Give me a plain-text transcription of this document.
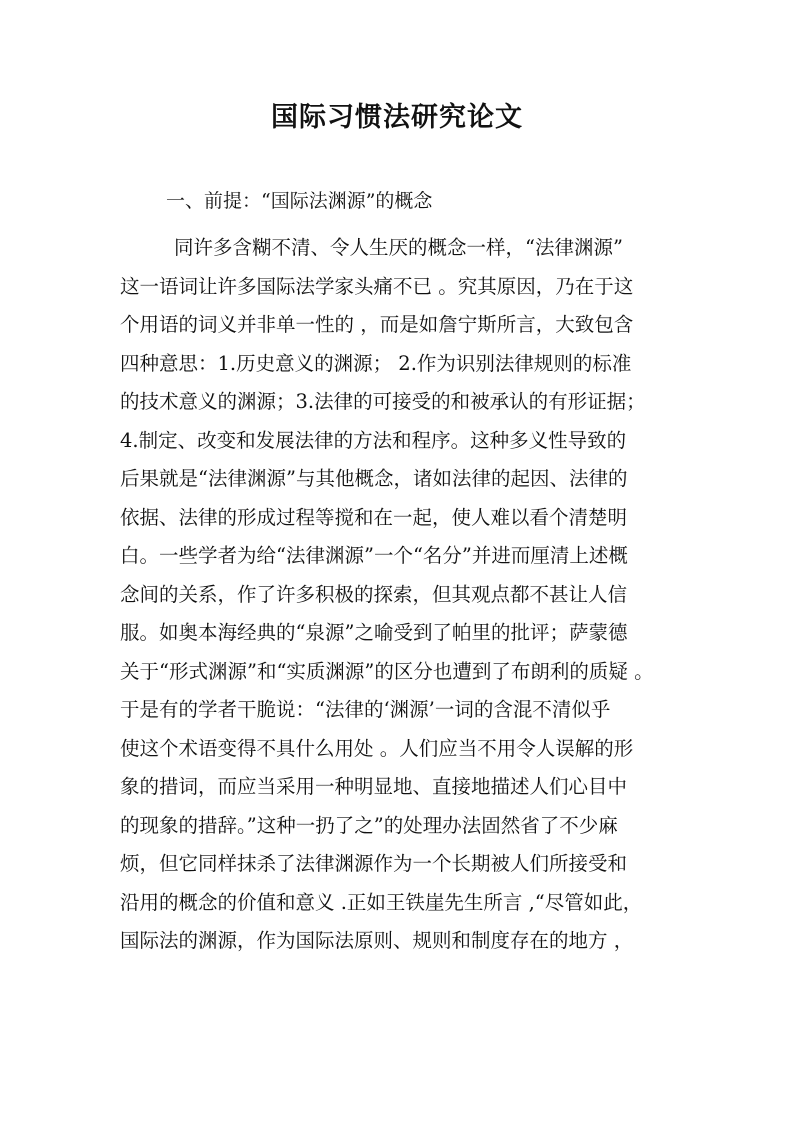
国际习惯法研究论文
一、前提：“国际法渊源”的概念
同许多含糊不清、令人生厌的概念一样，“法律渊源”
这一语词让许多国际法学家头痛不已 。究其原因，乃在于这
个用语的词义并非单一性的 ，而是如詹宁斯所言，大致包含
四种意思：1.历史意义的渊源； 2.作为识别法律规则的标准
的技术意义的渊源；3.法律的可接受的和被承认的有形证据；
4.制定、改变和发展法律的方法和程序。这种多义性导致的
后果就是“法律渊源”与其他概念，诸如法律的起因、法律的
依据、法律的形成过程等搅和在一起，使人难以看个清楚明
白。一些学者为给“法律渊源”一个“名分”并进而厘清上述概
念间的关系，作了许多积极的探索，但其观点都不甚让人信
服。如奥本海经典的“泉源”之喻受到了帕里的批评；萨蒙德
关于“形式渊源”和“实质渊源”的区分也遭到了布朗利的质疑 。
于是有的学者干脆说：“法律的‘渊源’一词的含混不清似乎
使这个术语变得不具什么用处 。人们应当不用令人误解的形
象的措词，而应当采用一种明显地、直接地描述人们心目中
的现象的措辞。”这种一扔了之”的处理办法固然省了不少麻
烦，但它同样抹杀了法律渊源作为一个长期被人们所接受和
沿用的概念的价值和意义 .正如王铁崖先生所言 ,“尽管如此，
国际法的渊源，作为国际法原则、规则和制度存在的地方 ，
